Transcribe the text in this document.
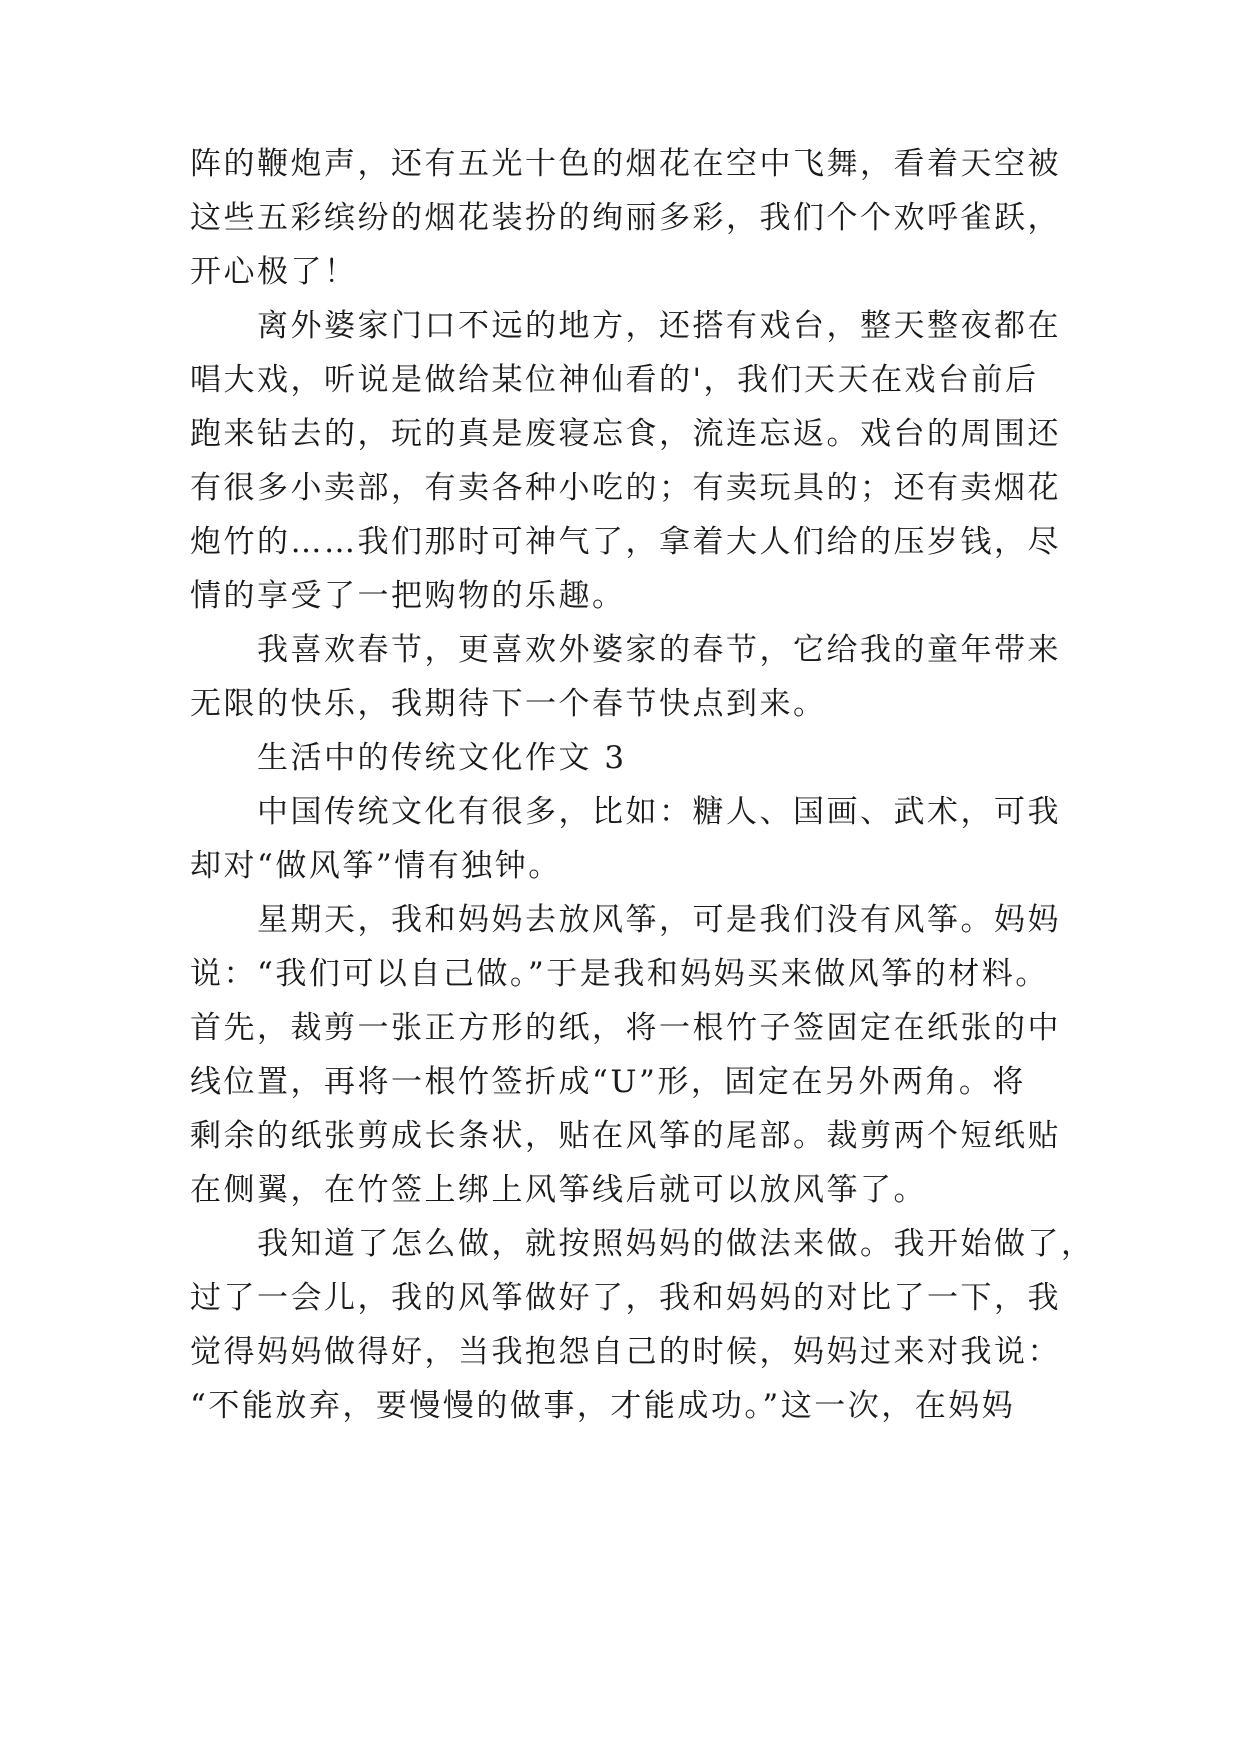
阵的鞭炮声，还有五光十色的烟花在空中飞舞，看着天空被
这些五彩缤纷的烟花装扮的绚丽多彩，我们个个欢呼雀跃，
开心极了！
离外婆家门口不远的地方，还搭有戏台，整天整夜都在
唱大戏，听说是做给某位神仙看的'，我们天天在戏台前后
跑来钻去的，玩的真是废寝忘食，流连忘返。戏台的周围还
有很多小卖部，有卖各种小吃的；有卖玩具的；还有卖烟花
炮竹的……我们那时可神气了，拿着大人们给的压岁钱，尽
情的享受了一把购物的乐趣。
我喜欢春节，更喜欢外婆家的春节，它给我的童年带来
无限的快乐，我期待下一个春节快点到来。
生活中的传统文化作文 3
中国传统文化有很多，比如：糖人、国画、武术，可我
却对“做风筝”情有独钟。
星期天，我和妈妈去放风筝，可是我们没有风筝。妈妈
说：“我们可以自己做。”于是我和妈妈买来做风筝的材料。
首先，裁剪一张正方形的纸，将一根竹子签固定在纸张的中
线位置，再将一根竹签折成“U”形，固定在另外两角。将
剩余的纸张剪成长条状，贴在风筝的尾部。裁剪两个短纸贴
在侧翼，在竹签上绑上风筝线后就可以放风筝了。
我知道了怎么做，就按照妈妈的做法来做。我开始做了，
过了一会儿，我的风筝做好了，我和妈妈的对比了一下，我
觉得妈妈做得好，当我抱怨自己的时候，妈妈过来对我说：
“不能放弃，要慢慢的做事，才能成功。”这一次，在妈妈
